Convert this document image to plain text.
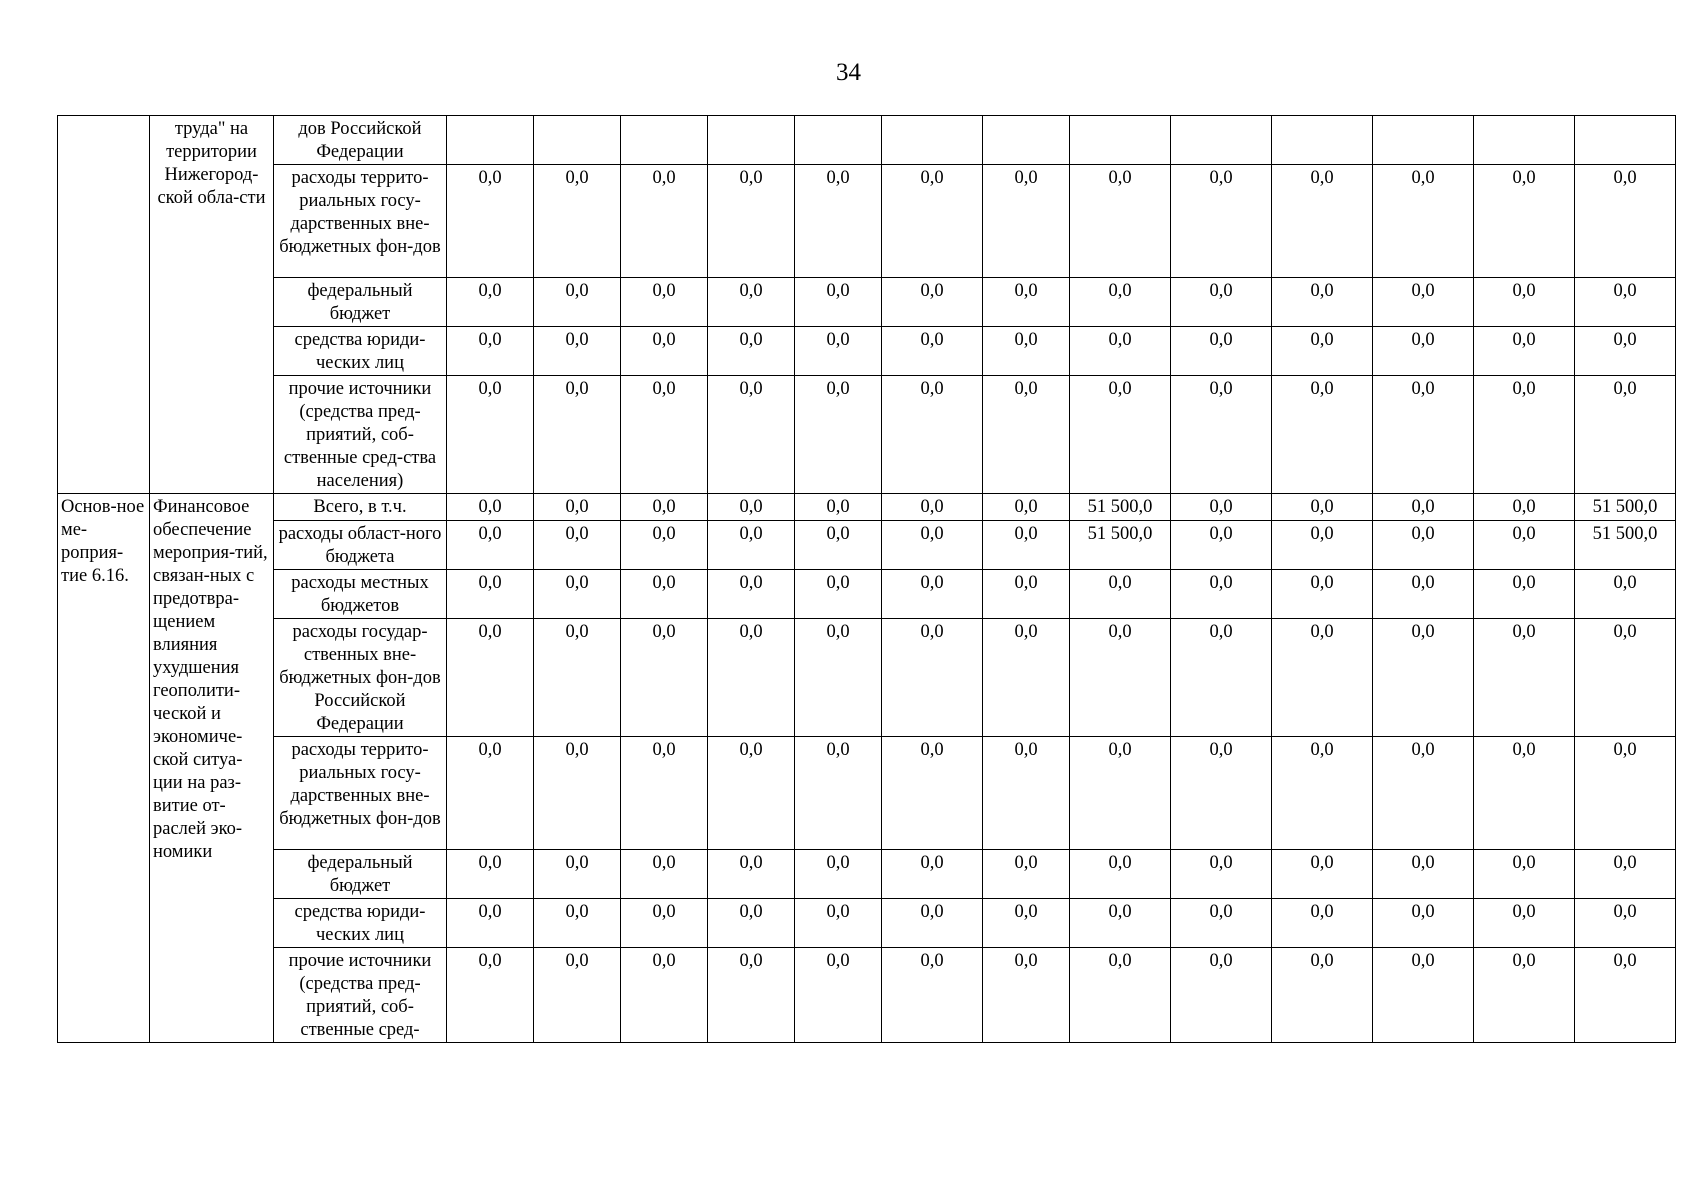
34
	труда" на территории Нижегород-ской обла-сти	дов Российской Федерации													
		расходы террито-риальных госу-дарственных вне-бюджетных фон-дов	0,0	0,0	0,0	0,0	0,0	0,0	0,0	0,0	0,0	0,0	0,0	0,0	0,0
		федеральный бюджет	0,0	0,0	0,0	0,0	0,0	0,0	0,0	0,0	0,0	0,0	0,0	0,0	0,0
		средства юриди-ческих лиц	0,0	0,0	0,0	0,0	0,0	0,0	0,0	0,0	0,0	0,0	0,0	0,0	0,0
		прочие источники (средства пред-приятий, соб-ственные сред-ства населения)	0,0	0,0	0,0	0,0	0,0	0,0	0,0	0,0	0,0	0,0	0,0	0,0	0,0
Основ-ное ме-роприя-тие 6.16.	Финансовое обеспечение мероприя-тий, связан-ных с предотвра-щением влияния ухудшения геополити-ческой и экономиче-ской ситуа-ции на раз-витие от-раслей эко-номики	Всего, в т.ч.	0,0	0,0	0,0	0,0	0,0	0,0	0,0	51 500,0	0,0	0,0	0,0	0,0	51 500,0
		расходы област-ного бюджета	0,0	0,0	0,0	0,0	0,0	0,0	0,0	51 500,0	0,0	0,0	0,0	0,0	51 500,0
		расходы местных бюджетов	0,0	0,0	0,0	0,0	0,0	0,0	0,0	0,0	0,0	0,0	0,0	0,0	0,0
		расходы государ-ственных вне-бюджетных фон-дов Российской Федерации	0,0	0,0	0,0	0,0	0,0	0,0	0,0	0,0	0,0	0,0	0,0	0,0	0,0
		расходы террито-риальных госу-дарственных вне-бюджетных фон-дов	0,0	0,0	0,0	0,0	0,0	0,0	0,0	0,0	0,0	0,0	0,0	0,0	0,0
		федеральный бюджет	0,0	0,0	0,0	0,0	0,0	0,0	0,0	0,0	0,0	0,0	0,0	0,0	0,0
		средства юриди-ческих лиц	0,0	0,0	0,0	0,0	0,0	0,0	0,0	0,0	0,0	0,0	0,0	0,0	0,0
		прочие источники (средства пред-приятий, соб-ственные сред-	0,0	0,0	0,0	0,0	0,0	0,0	0,0	0,0	0,0	0,0	0,0	0,0	0,0
